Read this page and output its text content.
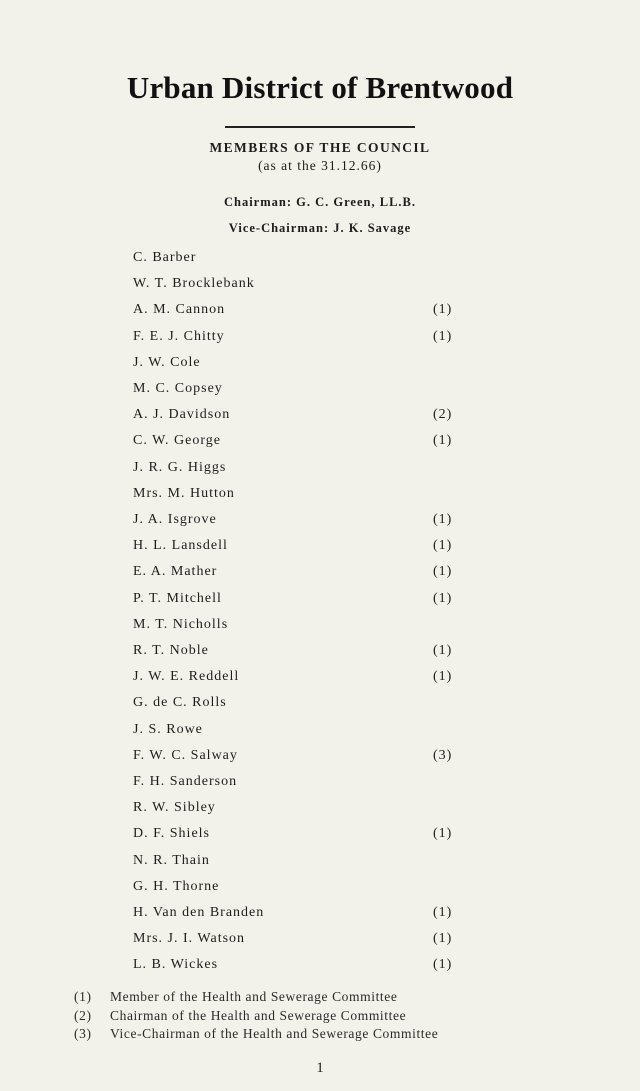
Urban District of Brentwood
MEMBERS OF THE COUNCIL
(as at the 31.12.66)
Chairman: G. C. Green, LL.B.
Vice-Chairman: J. K. Savage
C. Barber
W. T. Brocklebank
A. M. Cannon	(1)
F. E. J. Chitty	(1)
J. W. Cole
M. C. Copsey
A. J. Davidson	(2)
C. W. George	(1)
J. R. G. Higgs
Mrs. M. Hutton
J. A. Isgrove	(1)
H. L. Lansdell	(1)
E. A. Mather	(1)
P. T. Mitchell	(1)
M. T. Nicholls
R. T. Noble	(1)
J. W. E. Reddell	(1)
G. de C. Rolls
J. S. Rowe
F. W. C. Salway	(3)
F. H. Sanderson
R. W. Sibley
D. F. Shiels	(1)
N. R. Thain
G. H. Thorne
H. Van den Branden	(1)
Mrs. J. I. Watson	(1)
L. B. Wickes	(1)
(1) Member of the Health and Sewerage Committee
(2) Chairman of the Health and Sewerage Committee
(3) Vice-Chairman of the Health and Sewerage Committee
1
